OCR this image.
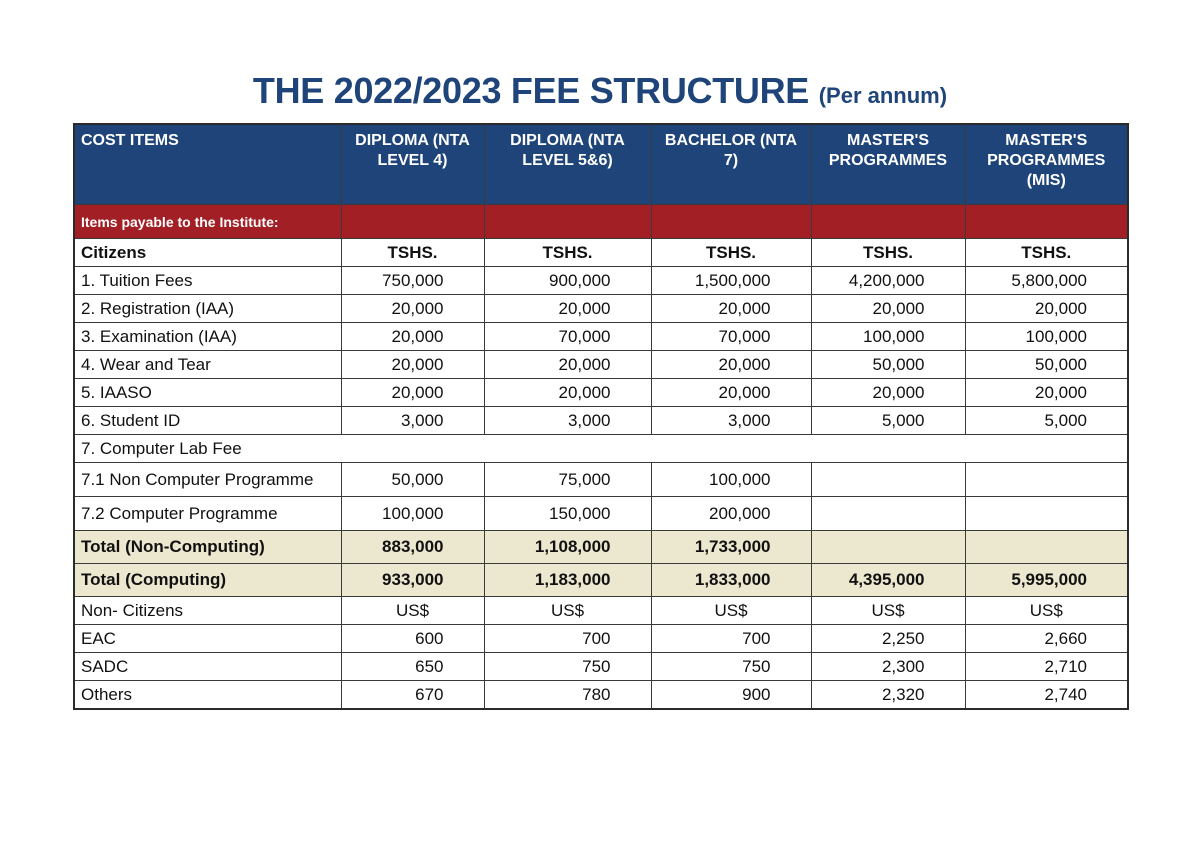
THE 2022/2023 FEE STRUCTURE (Per annum)
COST ITEMS	DIPLOMA (NTA LEVEL 4)	DIPLOMA (NTA LEVEL 5&6)	BACHELOR (NTA 7)	MASTER'S PROGRAMMES	MASTER'S PROGRAMMES (MIS)
Items payable to the Institute:					
Citizens	TSHS.	TSHS.	TSHS.	TSHS.	TSHS.
1. Tuition Fees	750,000	900,000	1,500,000	4,200,000	5,800,000
2. Registration (IAA)	20,000	20,000	20,000	20,000	20,000
3. Examination (IAA)	20,000	70,000	70,000	100,000	100,000
4. Wear and Tear	20,000	20,000	20,000	50,000	50,000
5. IAASO	20,000	20,000	20,000	20,000	20,000
6. Student ID	3,000	3,000	3,000	5,000	5,000
7. Computer Lab Fee					
7.1 Non Computer Programme	50,000	75,000	100,000		
7.2 Computer Programme	100,000	150,000	200,000		
Total (Non-Computing)	883,000	1,108,000	1,733,000		
Total (Computing)	933,000	1,183,000	1,833,000	4,395,000	5,995,000
Non- Citizens	US$	US$	US$	US$	US$
EAC	600	700	700	2,250	2,660
SADC	650	750	750	2,300	2,710
Others	670	780	900	2,320	2,740
